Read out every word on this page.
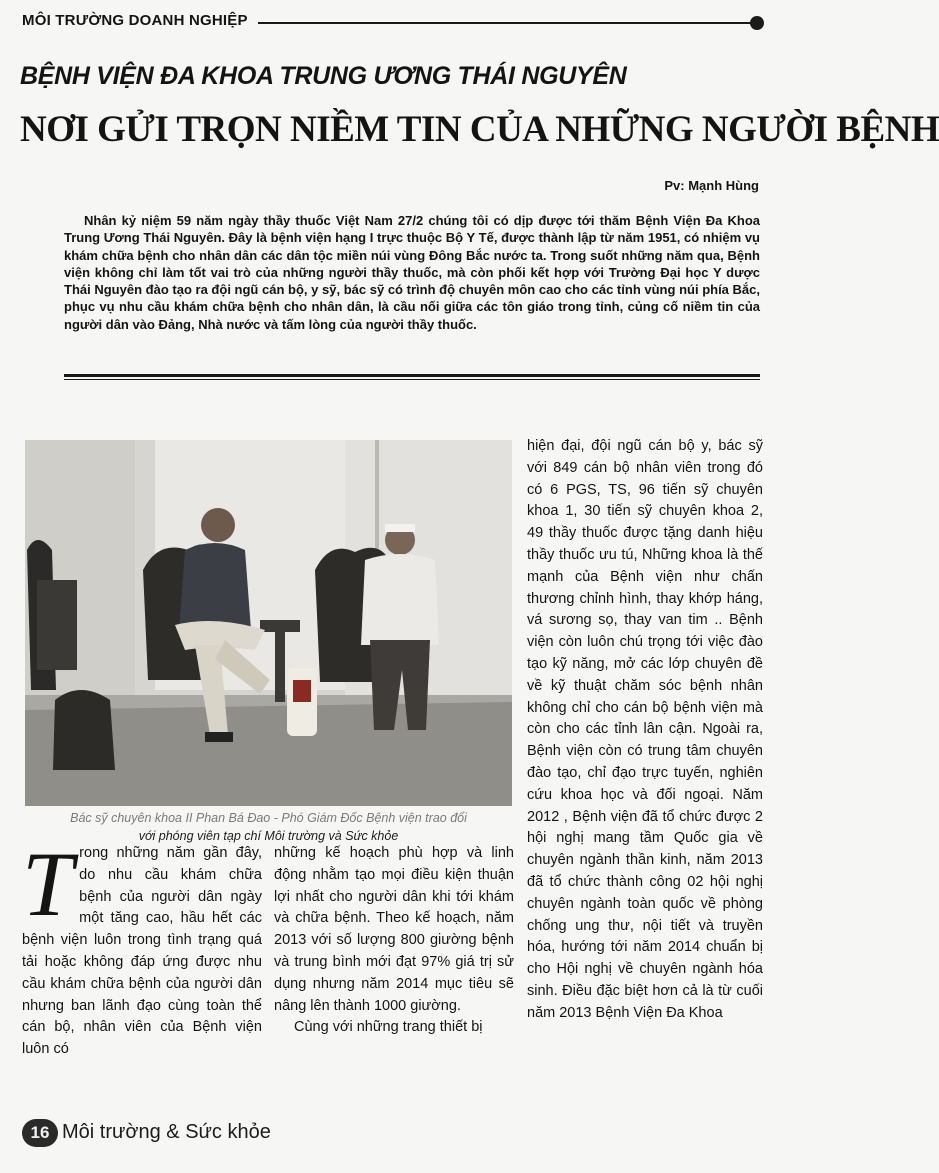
MÔI TRƯỜNG DOANH NGHIỆP
BỆNH VIỆN ĐA KHOA TRUNG ƯƠNG THÁI NGUYÊN
NƠI GỬI TRỌN NIỀM TIN CỦA NHỮNG NGƯỜI BỆNH
Pv: Mạnh Hùng
Nhân kỷ niệm 59 năm ngày thầy thuốc Việt Nam 27/2 chúng tôi có dịp được tới thăm Bệnh Viện Đa Khoa Trung Ương Thái Nguyên. Đây là bệnh viện hạng I trực thuộc Bộ Y Tế, được thành lập từ năm 1951, có nhiệm vụ khám chữa bệnh cho nhân dân các dân tộc miền núi vùng Đông Bắc nước ta. Trong suốt những năm qua, Bệnh viện không chỉ làm tốt vai trò của những người thầy thuốc, mà còn phối kết hợp với Trường Đại học Y dược Thái Nguyên đào tạo ra đội ngũ cán bộ, y sỹ, bác sỹ có trình độ chuyên môn cao cho các tỉnh vùng núi phía Bắc, phục vụ nhu cầu khám chữa bệnh cho nhân dân, là cầu nối giữa các tôn giáo trong tỉnh, củng cố niềm tin của người dân vào Đảng, Nhà nước và tấm lòng của người thầy thuốc.
Bác sỹ chuyên khoa II Phan Bá Đao - Phó Giám Đốc Bệnh viện trao đổi
với phóng viên tạp chí Môi trường và Sức khỏe
Trong những năm gần đây, do nhu cầu khám chữa bệnh của người dân ngày một tăng cao, hầu hết các bệnh viện luôn trong tình trạng quá tải hoặc không đáp ứng được nhu cầu khám chữa bệnh của người dân nhưng ban lãnh đạo cùng toàn thể cán bộ, nhân viên của Bệnh viện luôn có
những kế hoạch phù hợp và linh động nhằm tạo mọi điều kiện thuận lợi nhất cho người dân khi tới khám và chữa bệnh. Theo kế hoạch, năm 2013 với số lượng 800 giường bệnh và trung bình mới đạt 97% giá trị sử dụng nhưng năm 2014 mục tiêu sẽ nâng lên thành 1000 giường.
Cùng với những trang thiết bị
hiện đại, đội ngũ cán bộ y, bác sỹ với 849 cán bộ nhân viên trong đó có 6 PGS, TS, 96 tiến sỹ chuyên khoa 1, 30 tiến sỹ chuyên khoa 2, 49 thầy thuốc được tặng danh hiệu thầy thuốc ưu tú, Những khoa là thế mạnh của Bệnh viện như chấn thương chỉnh hình, thay khớp háng, vá sương sọ, thay van tim .. Bệnh viện còn luôn chú trọng tới việc đào tạo kỹ năng, mở các lớp chuyên đề về kỹ thuật chăm sóc bệnh nhân không chỉ cho cán bộ bệnh viện mà còn cho các tỉnh lân cận. Ngoài ra, Bệnh viện còn có trung tâm chuyên đào tạo, chỉ đạo trực tuyến, nghiên cứu khoa học và đối ngoại. Năm 2012 , Bệnh viện đã tổ chức được 2 hội nghị mang tầm Quốc gia về chuyên ngành thần kinh, năm 2013 đã tổ chức thành công 02 hội nghị chuyên ngành toàn quốc về phòng chống ung thư, nội tiết và truyền hóa, hướng tới năm 2014 chuẩn bị cho Hội nghị về chuyên ngành hóa sinh. Điều đặc biệt hơn cả là từ cuối năm 2013 Bệnh Viện Đa Khoa
16 Môi trường & Sức khỏe
